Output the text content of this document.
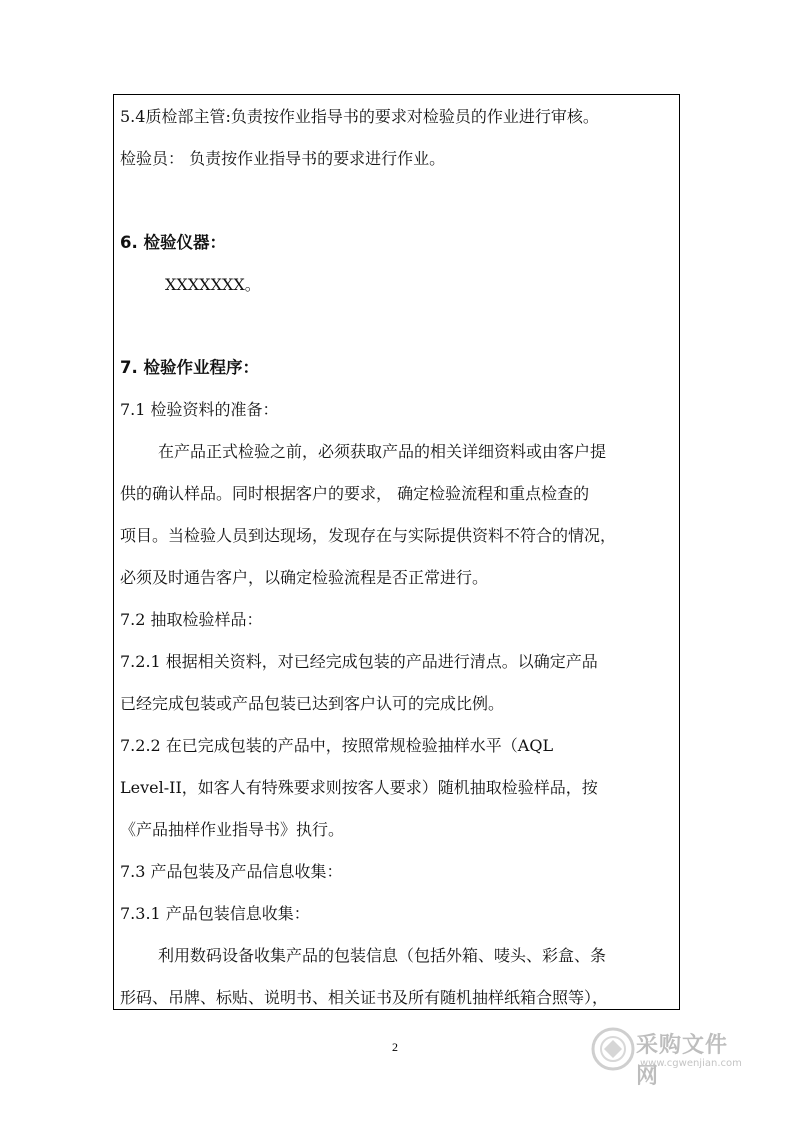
5.4质检部主管:负责按作业指导书的要求对检验员的作业进行审核。
检验员： 负责按作业指导书的要求进行作业。
6. 检验仪器：
XXXXXXX。
7. 检验作业程序：
7.1 检验资料的准备：
在产品正式检验之前，必须获取产品的相关详细资料或由客户提
供的确认样品。同时根据客户的要求， 确定检验流程和重点检查的
项目。当检验人员到达现场，发现存在与实际提供资料不符合的情况，
必须及时通告客户，以确定检验流程是否正常进行。
7.2 抽取检验样品：
7.2.1 根据相关资料，对已经完成包装的产品进行清点。以确定产品
已经完成包装或产品包装已达到客户认可的完成比例。
7.2.2 在已完成包装的产品中，按照常规检验抽样水平（AQL
Level-II，如客人有特殊要求则按客人要求）随机抽取检验样品，按
《产品抽样作业指导书》执行。
7.3 产品包装及产品信息收集：
7.3.1 产品包装信息收集：
利用数码设备收集产品的包装信息（包括外箱、唛头、彩盒、条
形码、吊牌、标贴、说明书、相关证书及所有随机抽样纸箱合照等），
2	采购文件网
www.cgwenjian.com
